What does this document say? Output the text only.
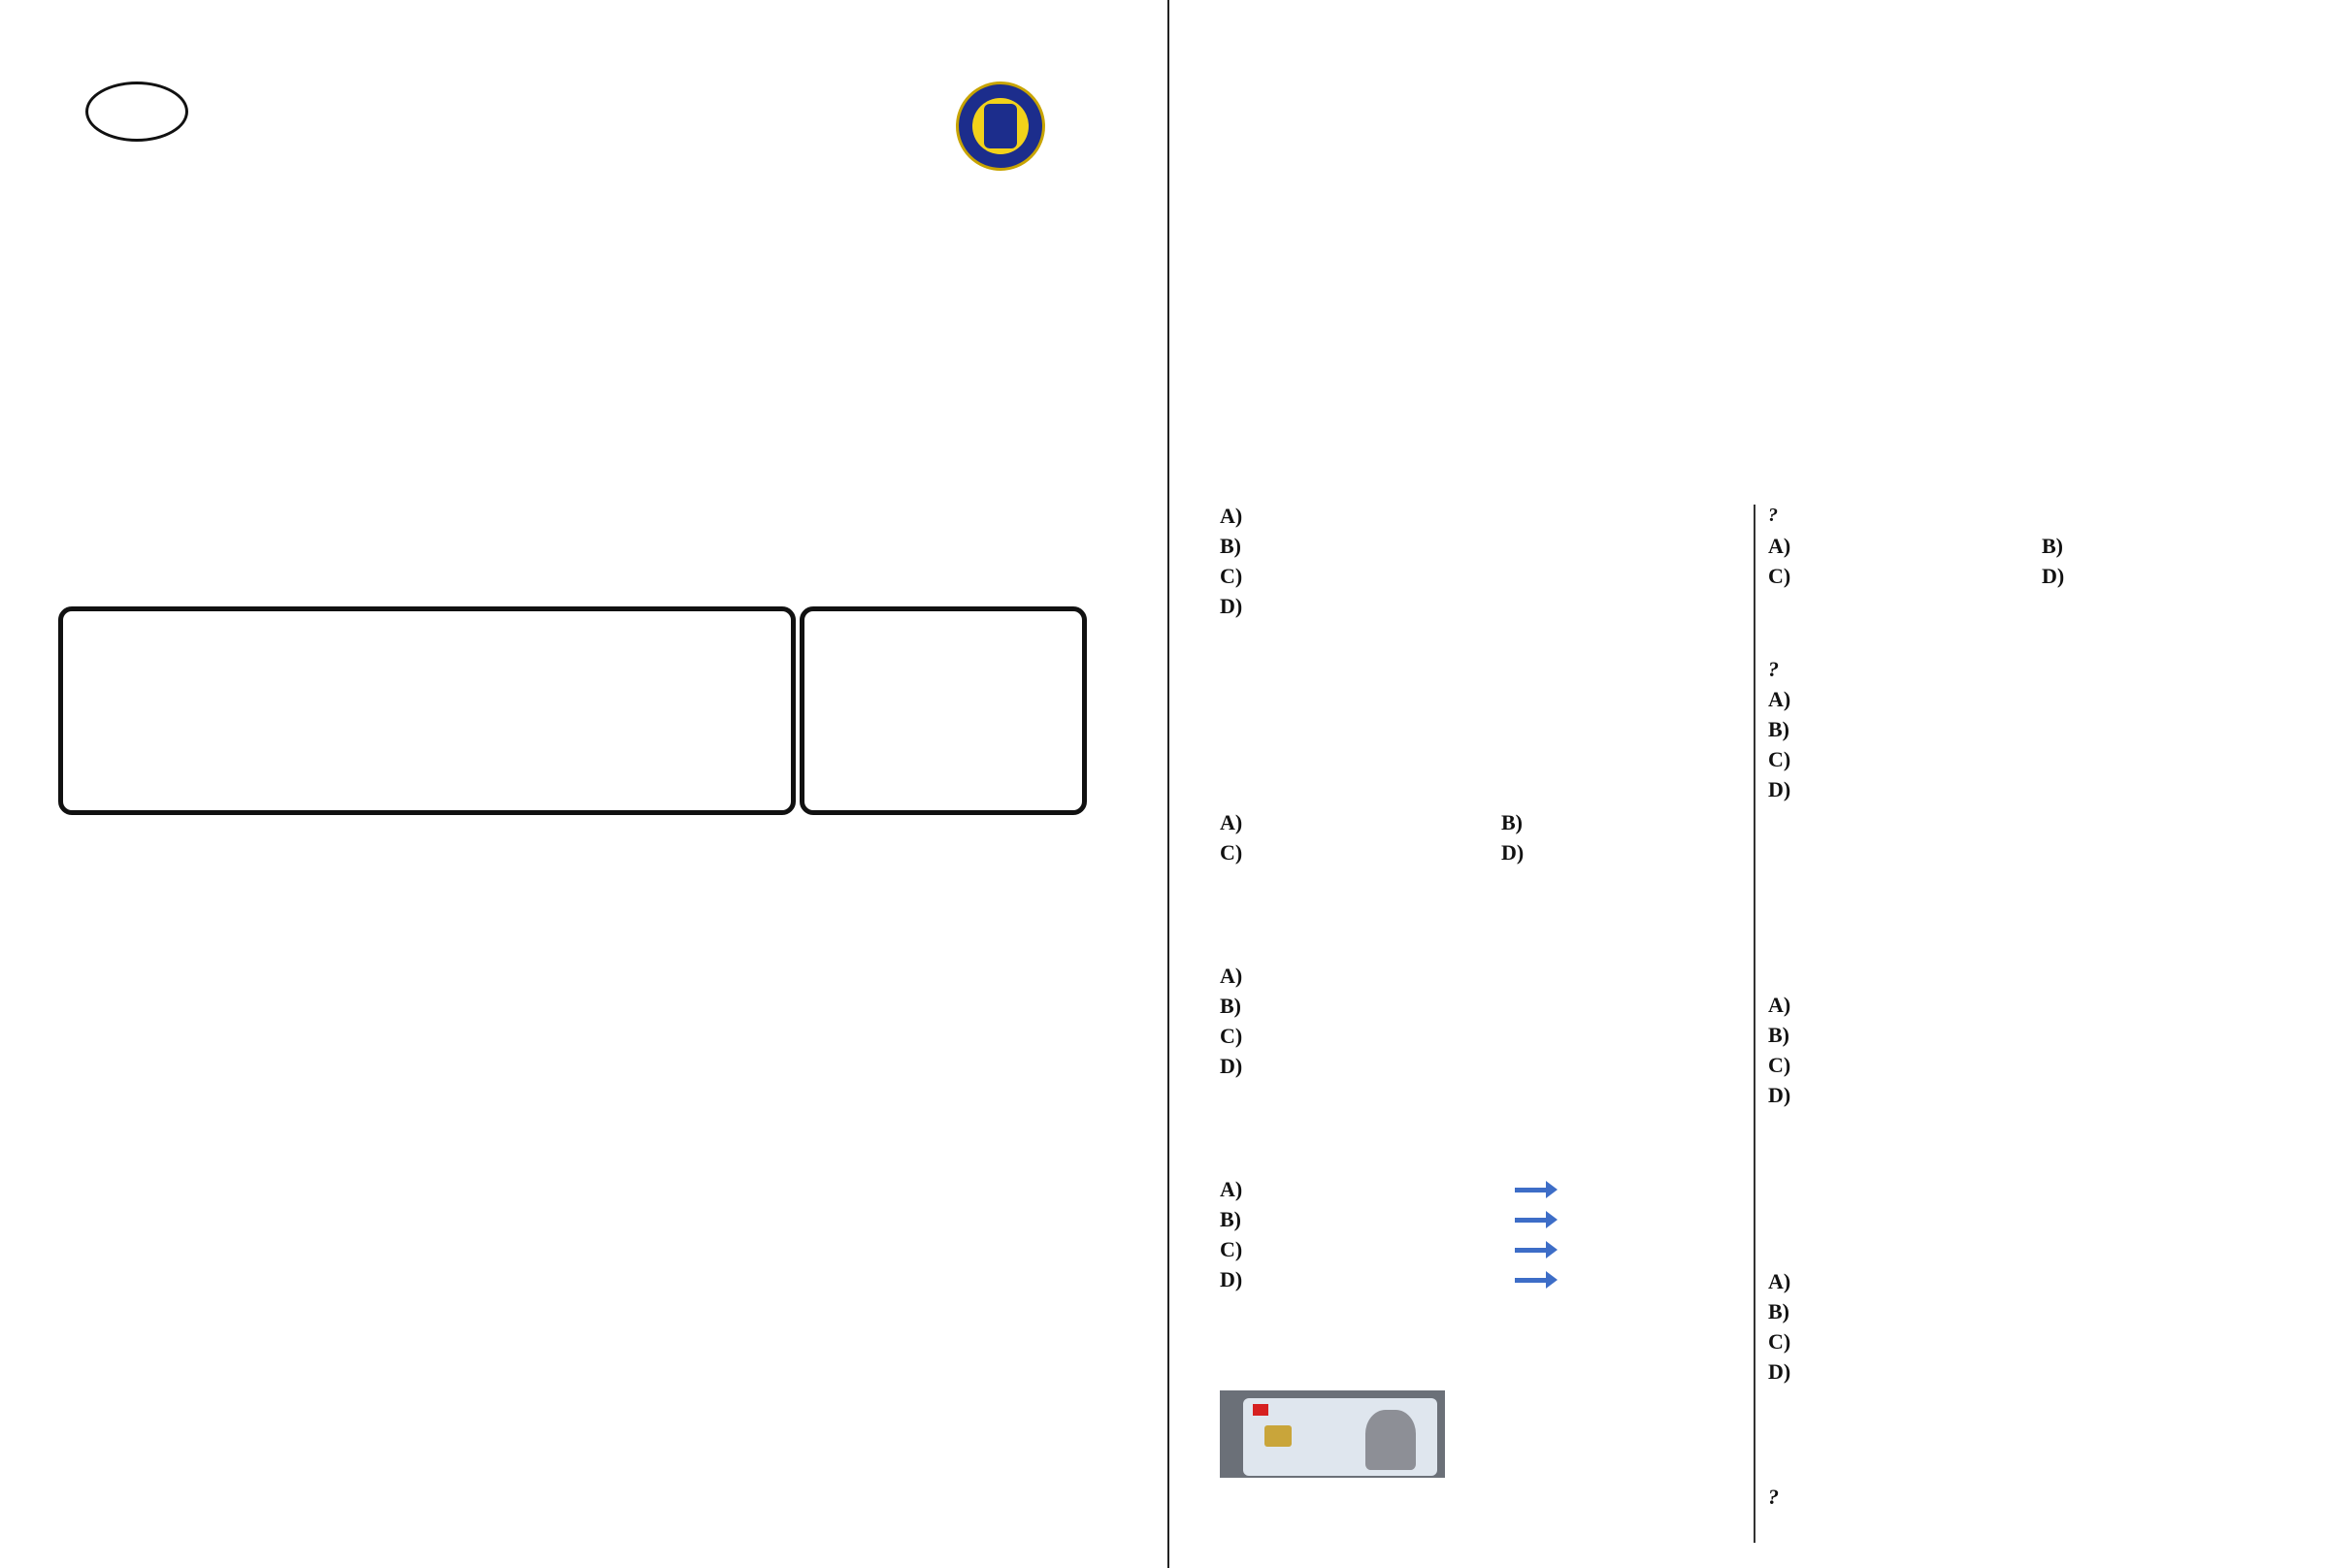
A)
B)
C)
D)
A)	B)
C)	D)
A)
B)
C)
D)
A)
B)
C)
D)
?
A)	B)
C)	D)
?
A)
B)
C)
D)
A)
B)
C)
D)
A)
B)
C)
D)
?
